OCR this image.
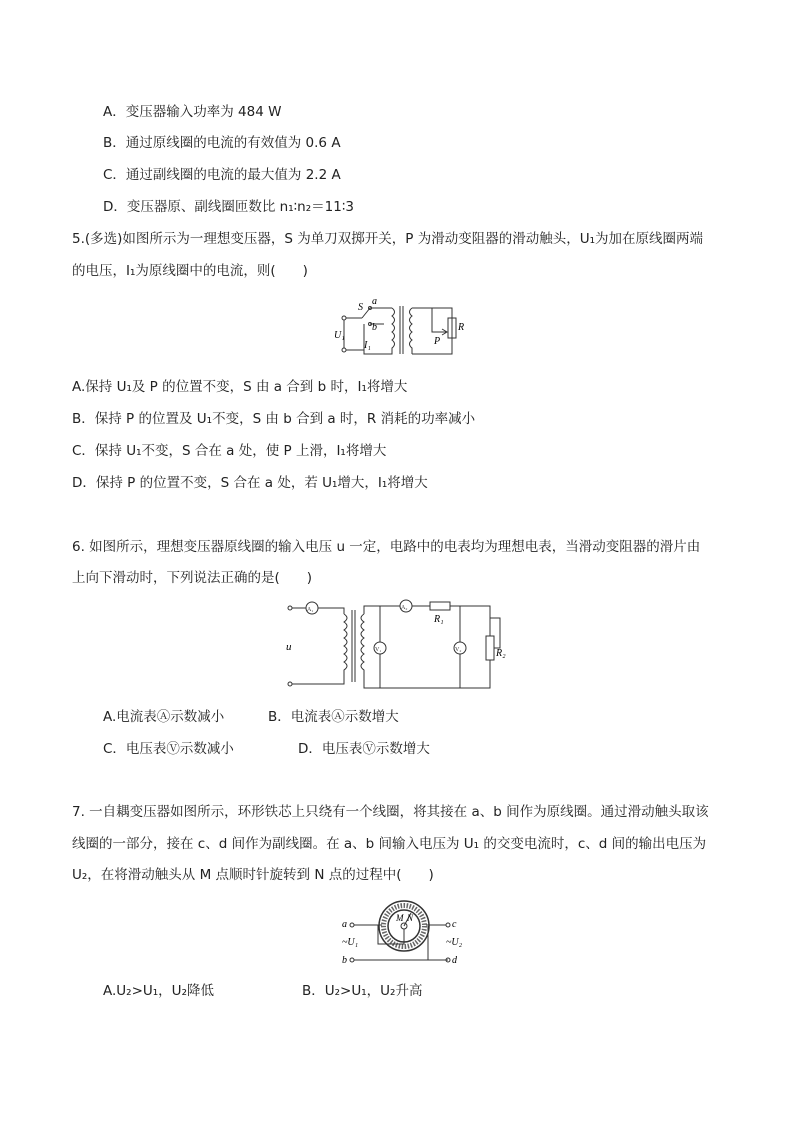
A．变压器输入功率为 484 W
B．通过原线圈的电流的有效值为 0.6 A
C．通过副线圈的电流的最大值为 2.2 A
D．变压器原、副线圈匝数比 n₁∶n₂＝11∶3
5.(多选)如图所示为一理想变压器，S 为单刀双掷开关，P 为滑动变阻器的滑动触头，U₁为加在原线圈两端
的电压，I₁为原线圈中的电流，则(　　)
S
a
b
U₁
I₁	P
R
A.保持 U₁及 P 的位置不变，S 由 a 合到 b 时，I₁将增大
B．保持 P 的位置及 U₁不变，S 由 b 合到 a 时，R 消耗的功率减小
C．保持 U₁不变，S 合在 a 处，使 P 上滑，I₁将增大
D．保持 P 的位置不变，S 合在 a 处，若 U₁增大，I₁将增大
6. 如图所示，理想变压器原线圈的输入电压 u 一定，电路中的电表均为理想电表，当滑动变阻器的滑片由
上向下滑动时，下列说法正确的是(　　)
A₁	A₂
V₁	V₂
u
R₁
R₂
A.电流表Ⓐ示数减小	B．电流表Ⓐ示数增大
C．电压表Ⓥ示数减小	D．电压表Ⓥ示数增大
7. 一自耦变压器如图所示，环形铁芯上只绕有一个线圈，将其接在 a、b 间作为原线圈。通过滑动触头取该
线圈的一部分，接在 c、d 间作为副线圈。在 a、b 间输入电压为 U₁ 的交变电流时，c、d 间的输出电压为
U₂，在将滑动触头从 M 点顺时针旋转到 N 点的过程中(　　)
a
b
c
d
~U₁	~U₂
M N
A.U₂>U₁，U₂降低	B．U₂>U₁，U₂升高
